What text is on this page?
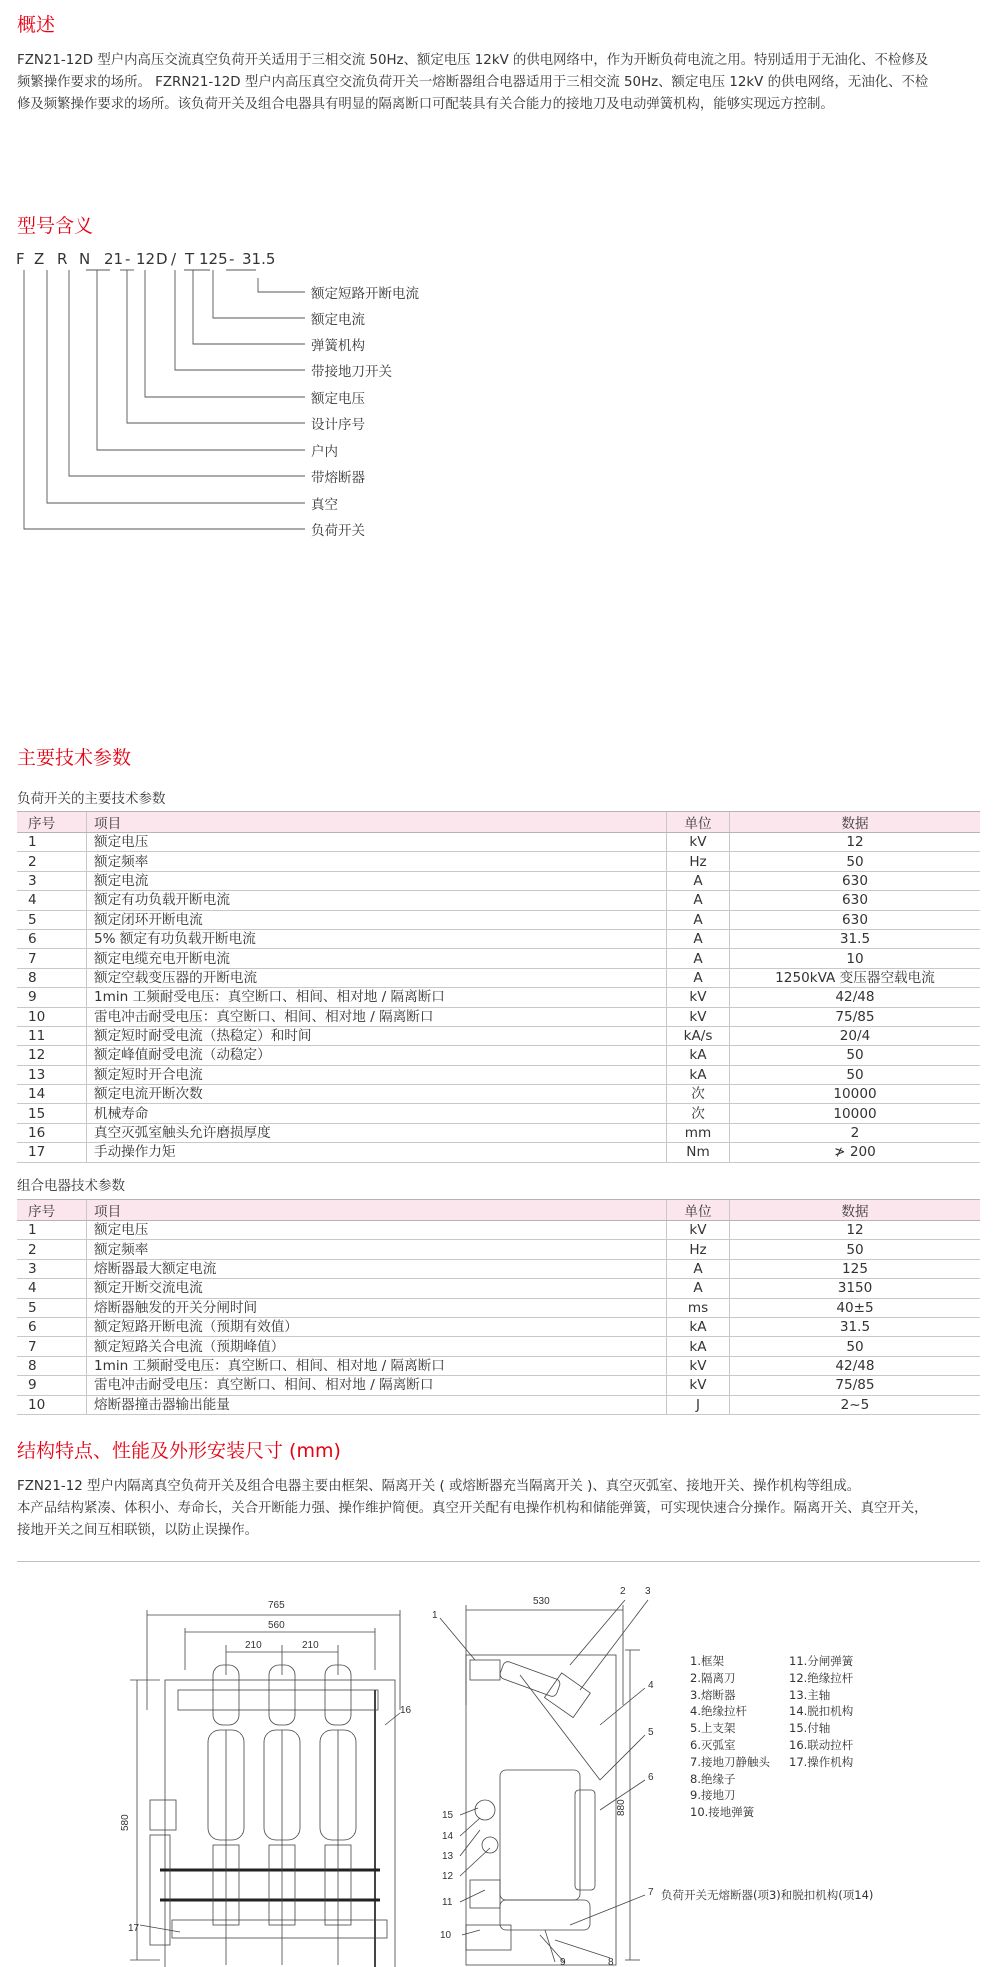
概述

FZN21-12D 型户内高压交流真空负荷开关适用于三相交流 50Hz、额定电压 12kV 的供电网络中，作为开断负荷电流之用。特别适用于无油化、不检修及
频繁操作要求的场所。 FZRN21-12D 型户内高压真空交流负荷开关一熔断器组合电器适用于三相交流 50Hz、额定电压 12kV 的供电网络，无油化、不检
修及频繁操作要求的场所。该负荷开关及组合电器具有明显的隔离断口可配装具有关合能力的接地刀及电动弹簧机构，能够实现远方控制。

型号含义
F Z R N 21 - 12 D / T 125 - 31.5
额定短路开断电流
额定电流
弹簧机构
带接地刀开关
额定电压
设计序号
户内
带熔断器
真空
负荷开关
主要技术参数
负荷开关的主要技术参数
序号	项目	单位	数据
1	额定电压	kV	12
2	额定频率	Hz	50
3	额定电流	A	630
4	额定有功负载开断电流	A	630
5	额定闭环开断电流	A	630
6	5% 额定有功负载开断电流	A	31.5
7	额定电缆充电开断电流	A	10
8	额定空载变压器的开断电流	A	1250kVA 变压器空载电流
9	1min 工频耐受电压：真空断口、相间、相对地 / 隔离断口	kV	42/48
10	雷电冲击耐受电压：真空断口、相间、相对地 / 隔离断口	kV	75/85
11	额定短时耐受电流（热稳定）和时间	kA/s	20/4
12	额定峰值耐受电流（动稳定）	kA	50
13	额定短时开合电流	kA	50
14	额定电流开断次数	次	10000
15	机械寿命	次	10000
16	真空灭弧室触头允许磨损厚度	mm	2
17	手动操作力矩	Nm	≯ 200
组合电器技术参数
序号	项目	单位	数据
1	额定电压	kV	12
2	额定频率	Hz	50
3	熔断器最大额定电流	A	125
4	额定开断交流电流	A	3150
5	熔断器触发的开关分闸时间	ms	40±5
6	额定短路开断电流（预期有效值）	kA	31.5
7	额定短路关合电流（预期峰值）	kA	50
8	1min 工频耐受电压：真空断口、相间、相对地 / 隔离断口	kV	42/48
9	雷电冲击耐受电压：真空断口、相间、相对地 / 隔离断口	kV	75/85
10	熔断器撞击器输出能量	J	2~5
结构特点、性能及外形安装尺寸 (mm)

FZN21-12 型户内隔离真空负荷开关及组合电器主要由框架、隔离开关 ( 或熔断器充当隔离开关 )、真空灭弧室、接地开关、操作机构等组成。
本产品结构紧凑、体积小、寿命长，关合开断能力强、操作维护简便。真空开关配有电操作机构和储能弹簧，可实现快速合分操作。隔离开关、真空开关，
接地开关之间互相联锁，以防止误操作。

765
560
210	210
580
16
17
530
880
1
2 3
4
5
6
7
8
9
10
11
12
13
14
15
1.框架
2.隔离刀
3.熔断器
4.绝缘拉杆
5.上支架
6.灭弧室
7.接地刀静触头
8.绝缘子
9.接地刀
10.接地弹簧
11.分闸弹簧
12.绝缘拉杆
13.主轴
14.脱扣机构
15.付轴
16.联动拉杆
17.操作机构
负荷开关无熔断器(项3)和脱扣机构(项14)
